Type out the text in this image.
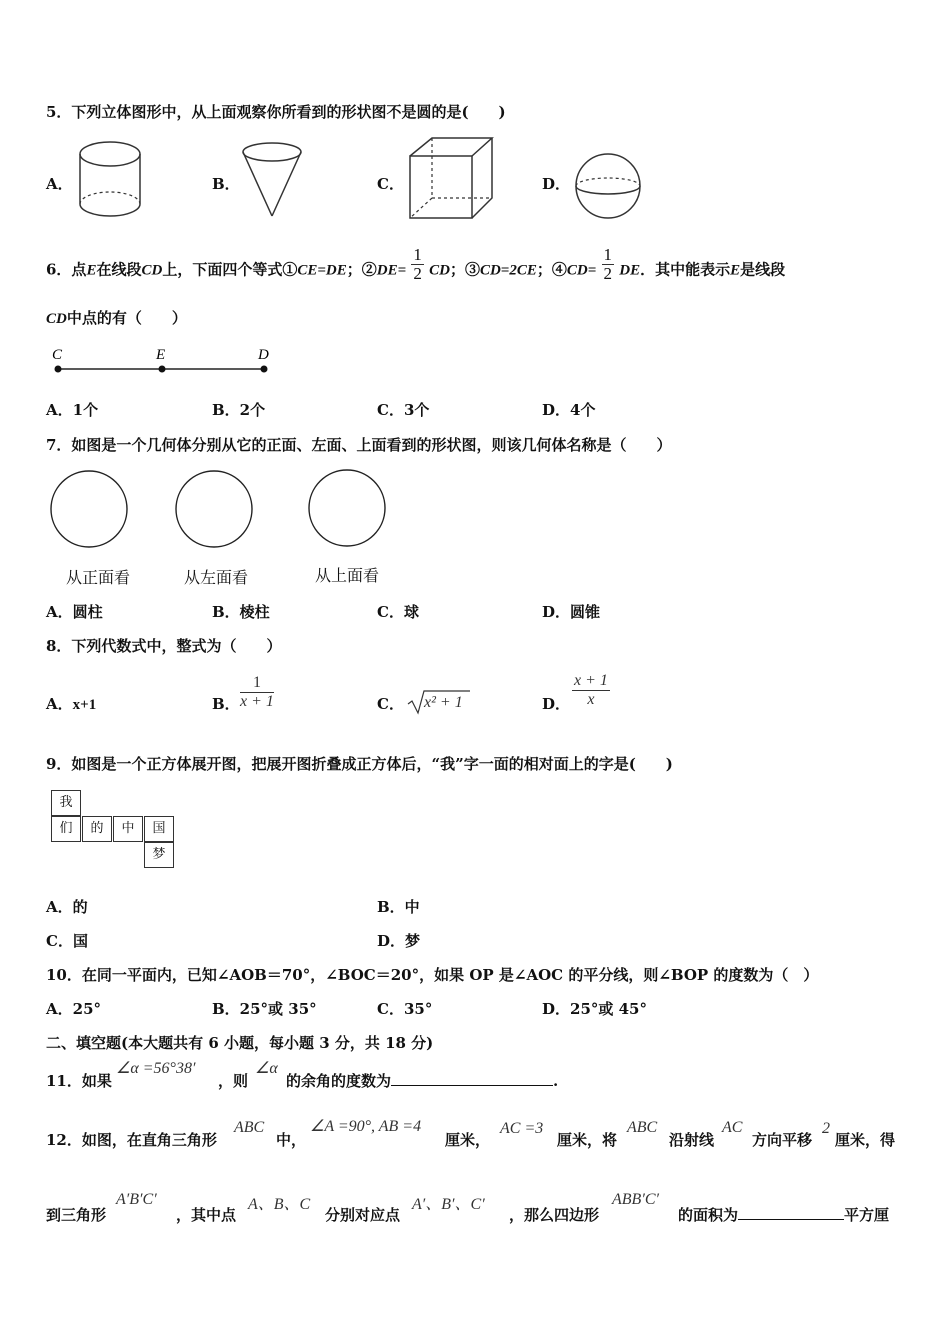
5．下列立体图形中，从上面观察你所看到的形状图不是圆的是(　　)
A．	B．	C．	D．
6．点E在线段CD上，下面四个等式①CE=DE；②DE= $\frac{1}{2}$ CD；③CD=2CE；④CD= $\frac{1}{2}$ DE．其中能表示E是线段
CD中点的有（　　）
C	E	D
A．1个	B．2个	C．3个	D．4个
7．如图是一个几何体分别从它的正面、左面、上面看到的形状图，则该几何体名称是（　　）
从正面看	从左面看	从上面看
A．圆柱	B．棱柱	C．球	D．圆锥
8．下列代数式中，整式为（　　）
A．x+1	B． $\frac{1}{x + 1}$	C． x² + 1	D． $\frac{x + 1}{x}$
9．如图是一个正方体展开图，把展开图折叠成正方体后，“我”字一面的相对面上的字是(　　)
我
们	的	中	国
梦
A．的	B．中
C．国	D．梦
10．在同一平面内，已知∠AOB＝70°，∠BOC＝20°，如果 OP 是∠AOC 的平分线，则∠BOP 的度数为（　）
A．25°	B．25°或 35°	C．35°	D．25°或 45°
二、填空题(本大题共有 6 小题，每小题 3 分，共 18 分)
11．如果
∠α =56°38′
，则
∠α
的余角的度数为	.
12．如图，在直角三角形
ABC
中，
∠A =90°, AB =4
厘米，
AC =3
厘米，将
ABC
沿射线
AC
方向平移
2
厘米，得
到三角形
A′B′C′
，其中点
A、B、C
分别对应点
A′、B′、C′
，那么四边形
ABB′C′
的面积为	平方厘
